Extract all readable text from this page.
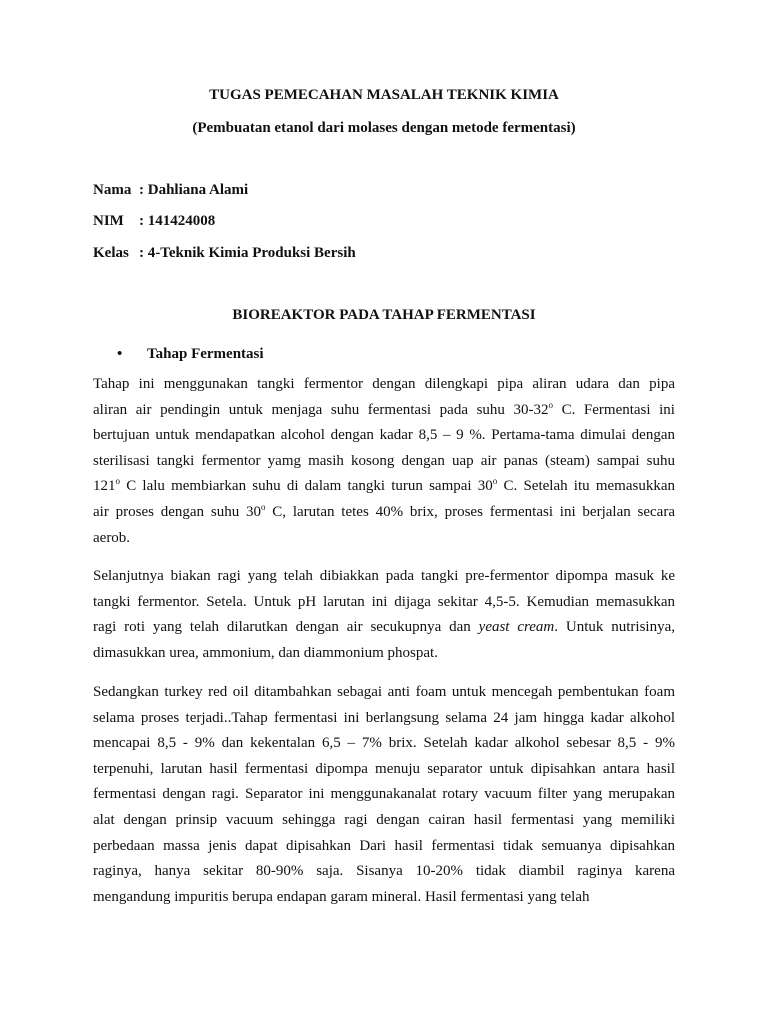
TUGAS PEMECAHAN MASALAH TEKNIK KIMIA
(Pembuatan etanol dari molases dengan metode fermentasi)
Nama : Dahliana Alami
NIM : 141424008
Kelas : 4-Teknik Kimia Produksi Bersih
BIOREAKTOR PADA TAHAP FERMENTASI
• Tahap Fermentasi
Tahap ini menggunakan tangki fermentor dengan dilengkapi pipa aliran udara dan pipa
aliran air pendingin untuk menjaga suhu fermentasi pada suhu 30-32$^o$ C. Fermentasi ini
bertujuan untuk mendapatkan alcohol dengan kadar 8,5 – 9 %. Pertama-tama dimulai dengan
sterilisasi tangki fermentor yamg masih kosong dengan uap air panas (steam) sampai suhu
121$^o$ C lalu membiarkan suhu di dalam tangki turun sampai 30$^o$ C. Setelah itu memasukkan
air proses dengan suhu 30$^o$ C, larutan tetes 40% brix, proses fermentasi ini berjalan secara
aerob.
Selanjutnya biakan ragi yang telah dibiakkan pada tangki pre-fermentor dipompa masuk ke
tangki fermentor. Setela. Untuk pH larutan ini dijaga sekitar 4,5-5. Kemudian memasukkan
ragi roti yang telah dilarutkan dengan air secukupnya dan yeast cream. Untuk nutrisinya,
dimasukkan urea, ammonium, dan diammonium phospat.
Sedangkan turkey red oil ditambahkan sebagai anti foam untuk mencegah pembentukan foam
selama proses terjadi..Tahap fermentasi ini berlangsung selama 24 jam hingga kadar alkohol
mencapai 8,5 - 9% dan kekentalan 6,5 – 7% brix. Setelah kadar alkohol sebesar 8,5 - 9%
terpenuhi, larutan hasil fermentasi dipompa menuju separator untuk dipisahkan antara hasil
fermentasi dengan ragi. Separator ini menggunakanalat rotary vacuum filter yang merupakan
alat dengan prinsip vacuum sehingga ragi dengan cairan hasil fermentasi yang memiliki
perbedaan massa jenis dapat dipisahkan Dari hasil fermentasi tidak semuanya dipisahkan
raginya, hanya sekitar 80-90% saja. Sisanya 10-20% tidak diambil raginya karena
mengandung impuritis berupa endapan garam mineral. Hasil fermentasi yang telah
